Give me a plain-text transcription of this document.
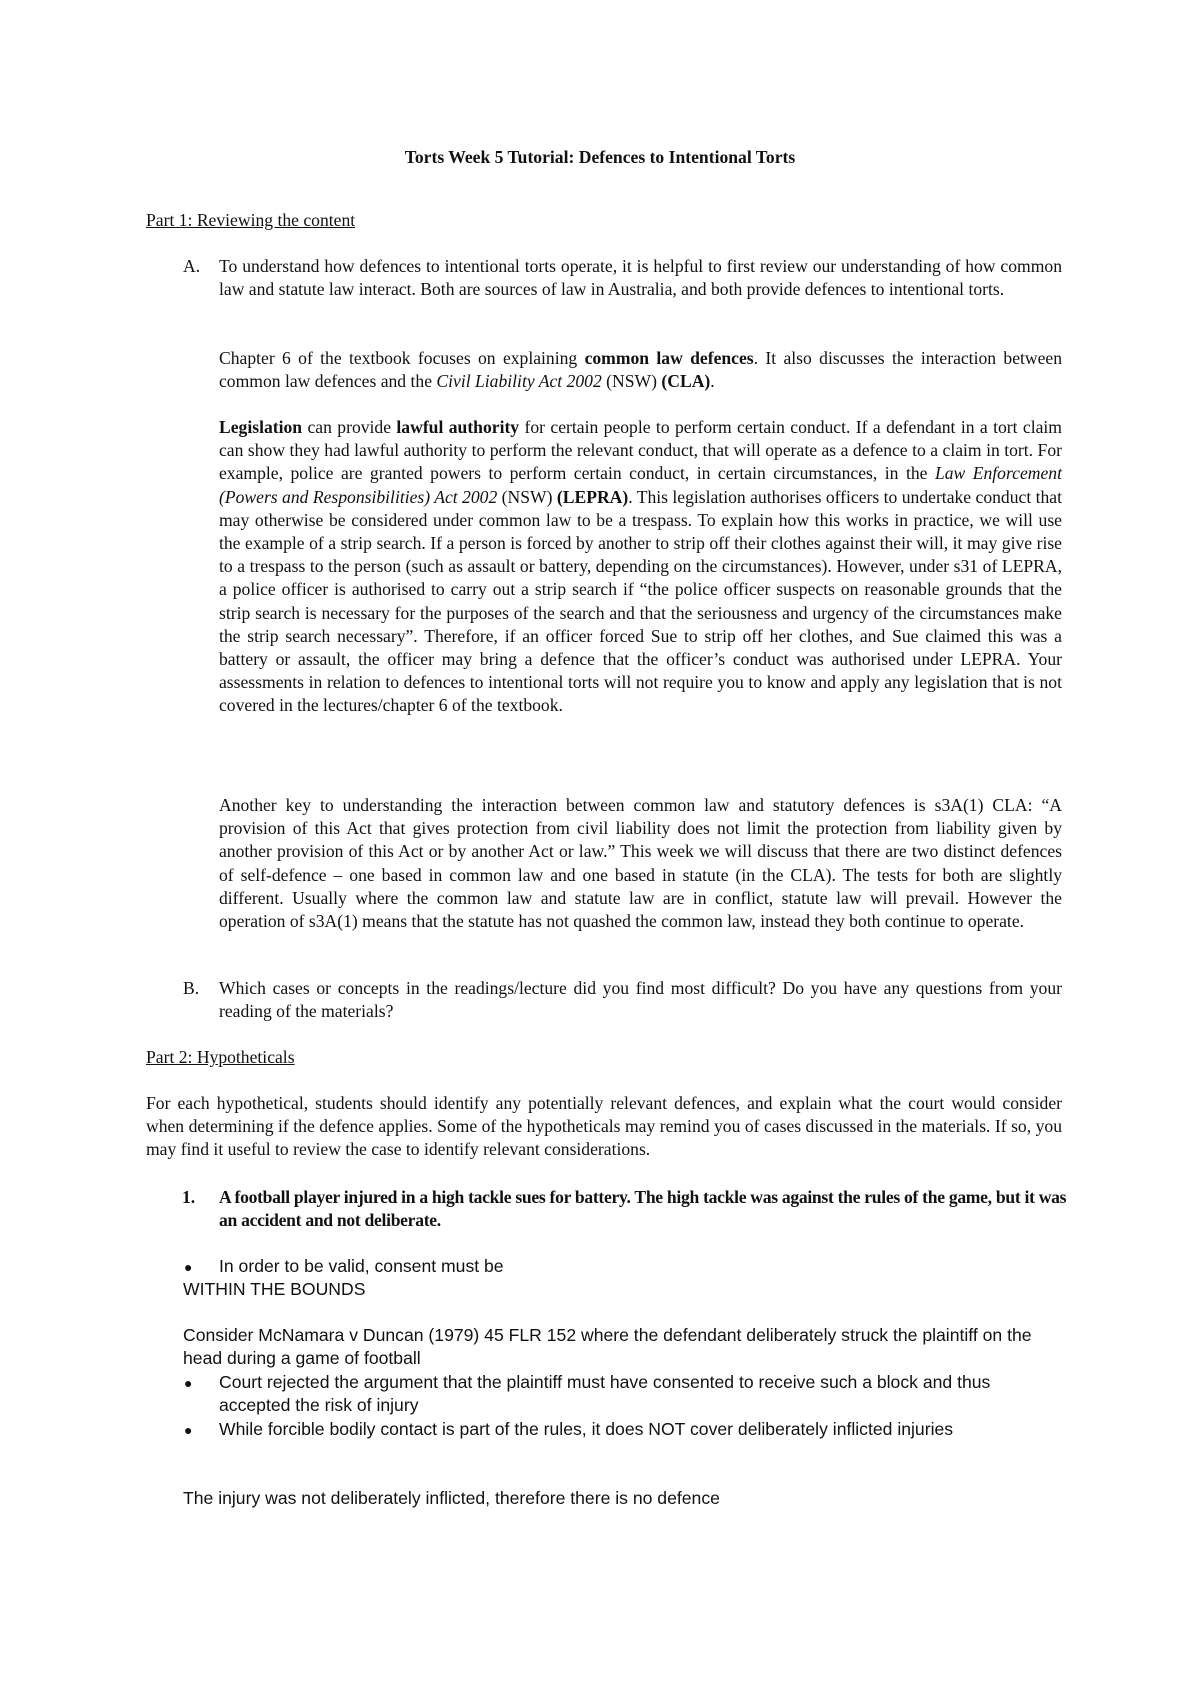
Torts Week 5 Tutorial: Defences to Intentional Torts
Part 1: Reviewing the content
A. To understand how defences to intentional torts operate, it is helpful to first review our understanding of how common law and statute law interact. Both are sources of law in Australia, and both provide defences to intentional torts.
Chapter 6 of the textbook focuses on explaining common law defences. It also discusses the interaction between common law defences and the Civil Liability Act 2002 (NSW) (CLA).
Legislation can provide lawful authority for certain people to perform certain conduct. If a defendant in a tort claim can show they had lawful authority to perform the relevant conduct, that will operate as a defence to a claim in tort. For example, police are granted powers to perform certain conduct, in certain circumstances, in the Law Enforcement (Powers and Responsibilities) Act 2002 (NSW) (LEPRA). This legislation authorises officers to undertake conduct that may otherwise be considered under common law to be a trespass. To explain how this works in practice, we will use the example of a strip search. If a person is forced by another to strip off their clothes against their will, it may give rise to a trespass to the person (such as assault or battery, depending on the circumstances). However, under s31 of LEPRA, a police officer is authorised to carry out a strip search if “the police officer suspects on reasonable grounds that the strip search is necessary for the purposes of the search and that the seriousness and urgency of the circumstances make the strip search necessary”. Therefore, if an officer forced Sue to strip off her clothes, and Sue claimed this was a battery or assault, the officer may bring a defence that the officer’s conduct was authorised under LEPRA. Your assessments in relation to defences to intentional torts will not require you to know and apply any legislation that is not covered in the lectures/chapter 6 of the textbook.
Another key to understanding the interaction between common law and statutory defences is s3A(1) CLA: “A provision of this Act that gives protection from civil liability does not limit the protection from liability given by another provision of this Act or by another Act or law.” This week we will discuss that there are two distinct defences of self-defence – one based in common law and one based in statute (in the CLA). The tests for both are slightly different. Usually where the common law and statute law are in conflict, statute law will prevail. However the operation of s3A(1) means that the statute has not quashed the common law, instead they both continue to operate.
B. Which cases or concepts in the readings/lecture did you find most difficult? Do you have any questions from your reading of the materials?
Part 2: Hypotheticals
For each hypothetical, students should identify any potentially relevant defences, and explain what the court would consider when determining if the defence applies. Some of the hypotheticals may remind you of cases discussed in the materials. If so, you may find it useful to review the case to identify relevant considerations.
1. A football player injured in a high tackle sues for battery. The high tackle was against the rules of the game, but it was an accident and not deliberate.
● In order to be valid, consent must be
WITHIN THE BOUNDS
Consider McNamara v Duncan (1979) 45 FLR 152 where the defendant deliberately struck the plaintiff on the head during a game of football
● Court rejected the argument that the plaintiff must have consented to receive such a block and thus accepted the risk of injury
● While forcible bodily contact is part of the rules, it does NOT cover deliberately inflicted injuries
The injury was not deliberately inflicted, therefore there is no defence
